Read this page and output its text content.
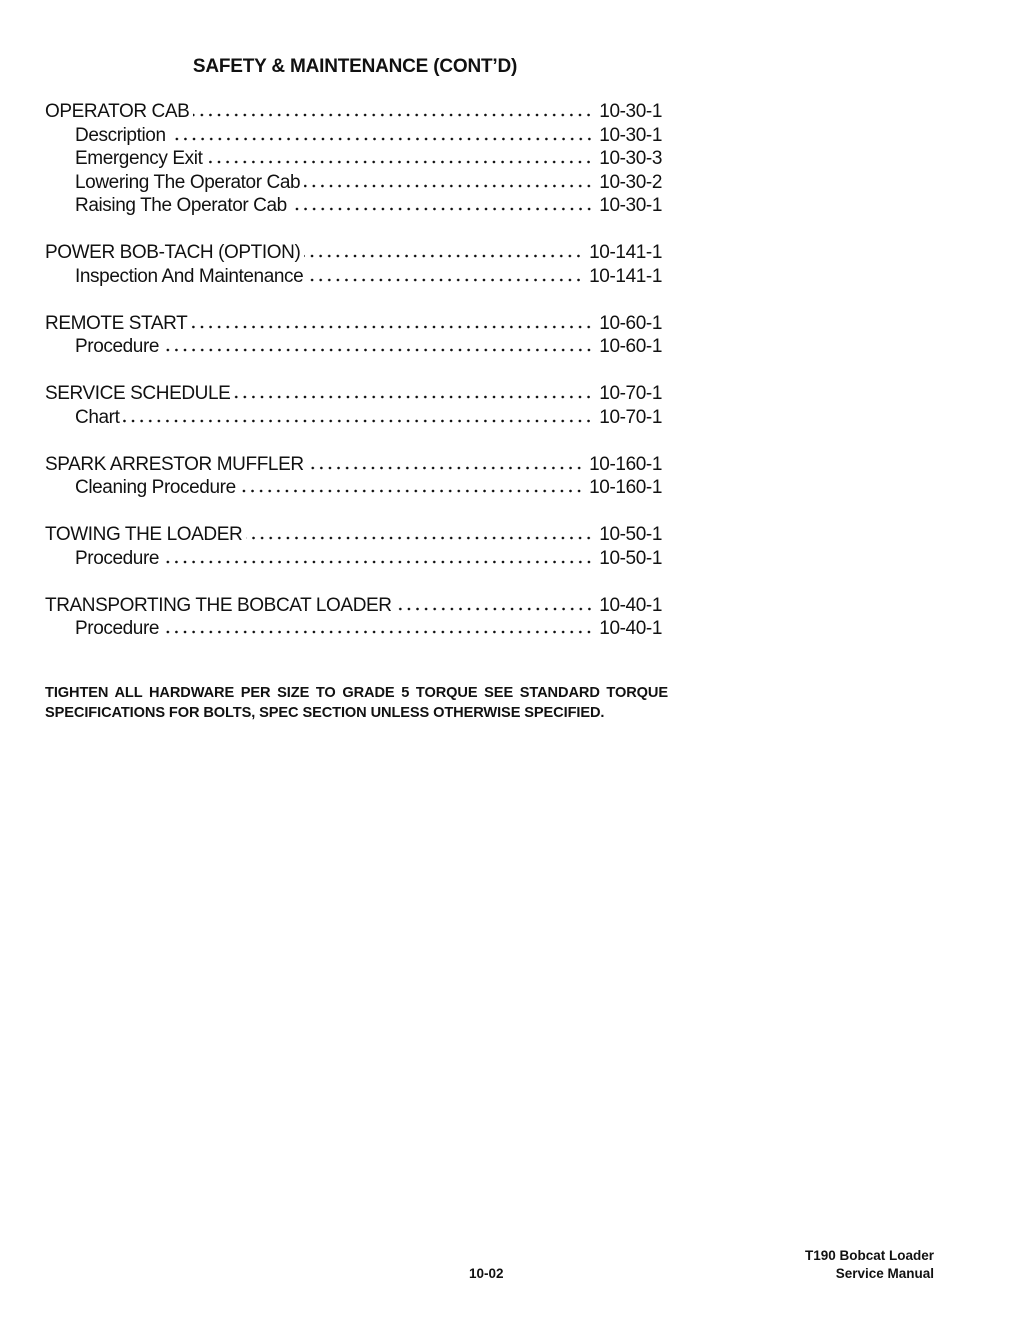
SAFETY & MAINTENANCE (CONT’D)
OPERATOR CAB	10-30-1
Description	10-30-1
Emergency Exit	10-30-3
Lowering The Operator Cab	10-30-2
Raising The Operator Cab	10-30-1
POWER BOB-TACH (OPTION)	10-141-1
Inspection And Maintenance	10-141-1
REMOTE START	10-60-1
Procedure	10-60-1
SERVICE SCHEDULE	10-70-1
Chart	10-70-1
SPARK ARRESTOR MUFFLER	10-160-1
Cleaning Procedure	10-160-1
TOWING THE LOADER	10-50-1
Procedure	10-50-1
TRANSPORTING THE BOBCAT LOADER	10-40-1
Procedure	10-40-1
TIGHTEN ALL HARDWARE PER SIZE TO GRADE 5 TORQUE SEE STANDARD TORQUE SPECIFICATIONS FOR BOLTS, SPEC SECTION UNLESS OTHERWISE SPECIFIED.
T190 Bobcat Loader
Service Manual
10-02
